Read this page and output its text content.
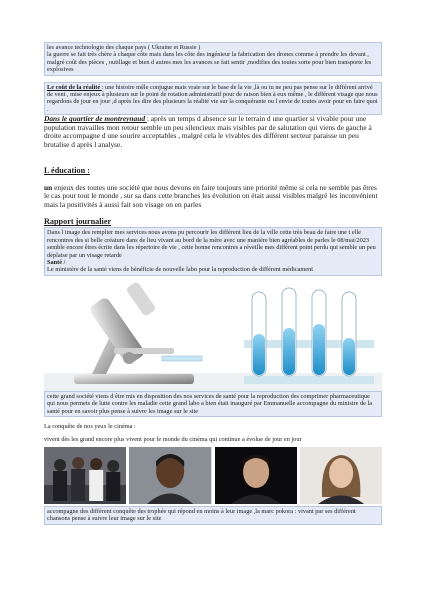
les avance technologie des chaque pays ( Ukraine et Russie )

la guerre se fait très chère à chaque côte mais dans les côte des ingénieur la fabrication des drones comme à prendre les devant , malgré coût des pièces , outillage et bien d autres mes les avances se fait sentir ,modifies des toutes sorte pour bien transporte les explosives

Le coût de la réalité : une histoire mêle conjugue mais vraie sur le base de la vie ,là ou tu ne peu pas pense sur le différent arrivé de vent , mise enjeux à plusieurs sur le point de rotation administratif pour de raison bien à eux même , le différent visage que nous regardons de jour en jour ,d après les dire des plusieurs la réalité vie sur la conquérante ou l envie de toutes avoir pour en faire quoi .

Dans le quartier de montreynaud : après un temps d absence sur le terrain d une quartier si vivable pour une population travailles mon retour semble un peu silencieux mais visibles par de salutation qui viens de gauche à droite accompagne d une sourire acceptables , malgré cela le vivables des différent secteur paraisse un peu brutalise d après l analyse.

L éducation :

un enjeux des toutes une société que nous devons en faire toujours une priorité même si cela ne semble pas êtres le cas pour tout le monde , sur sa dans cette branches les évolution on était aussi visibles malgré les inconvénient mais la positivités à aussi fait son visage on en parles

Rapport journalier

Dans l image des remplier mes services nous avons pu percourir les différent lieu de la ville cette très beau de faire une t elle rencontres des si belle créature dans de lieu vivant au bord de la mère avec une manière bien agréables de parles le 08/mai/2023 semble encore êtres écrite dans les répertoire de vie , cette bonne rencontres a réveille mes différent point perdu qui semble un peu déplaise par un visage retarde

Santé /

Le ministère de la santé viens de bénéficie de nouvelle labo pour la reproduction de différent médicament

cette grand société viens d être mis en disposition des nos services de santé pour la reproduction des comprimer pharmaceutique qui nous permets de lutte contre les maladie cette grand labo a bien était inauguré par Emmanuelle accompagne du ministre de la santé pour en savoir plus pense à suivre les image sur le site

La conquête de nos yeux le cinéma :

vivent dès les grand encore plus vivent pour le monde du cinéma qui continue a évolue de jour en jour

accompagne des différent conquête des trophée qui répond en moins à leur image ,la marc pokora : vivant par ses différent chansons pense à suivre leur image sur le site
